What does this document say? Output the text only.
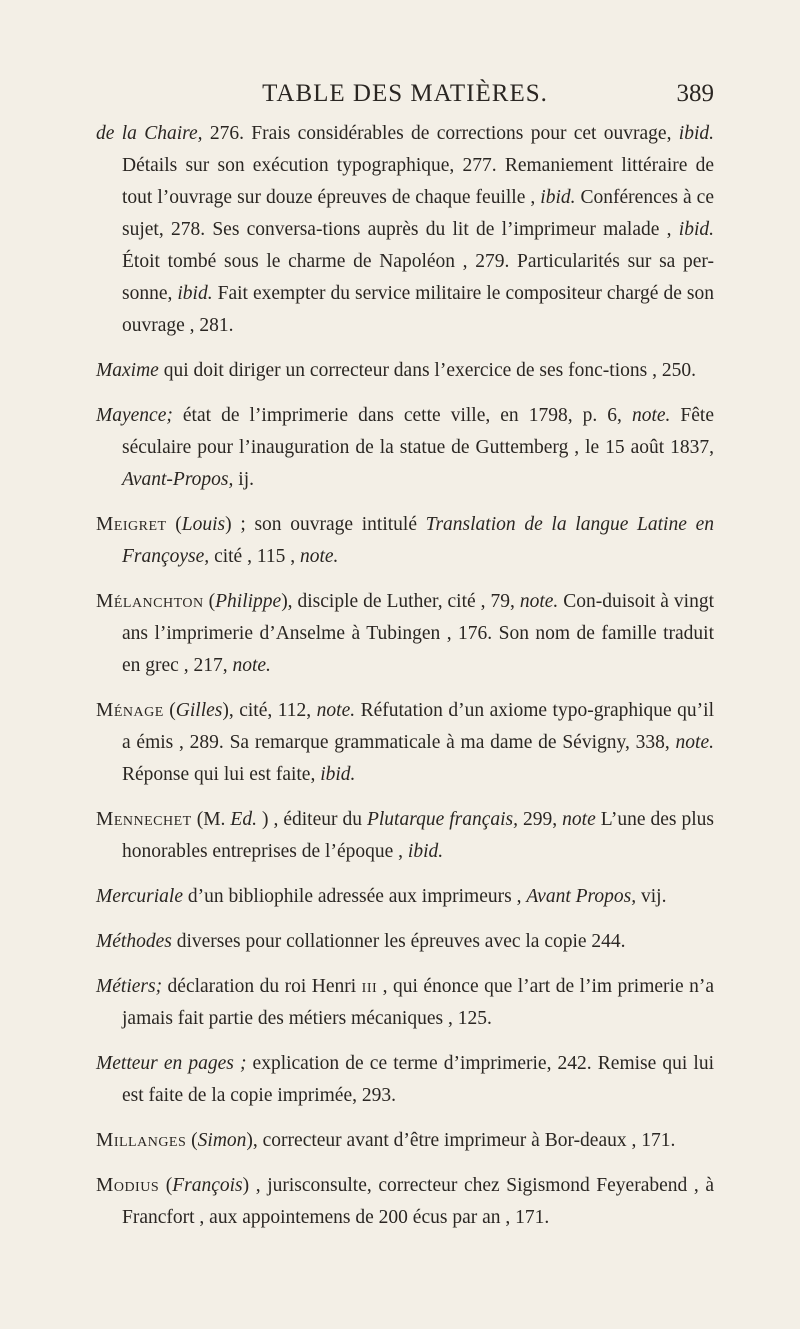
TABLE DES MATIÈRES.	389

de la Chaire, 276. Frais considérables de corrections pour cet ouvrage, ibid. Détails sur son exécution typographique, 277. Remaniement littéraire de tout l’ouvrage sur douze épreuves de chaque feuille , ibid. Conférences à ce sujet, 278. Ses conversa-tions auprès du lit de l’imprimeur malade , ibid. Étoit tombé sous le charme de Napoléon , 279. Particularités sur sa per-sonne, ibid. Fait exempter du service militaire le compositeur chargé de son ouvrage , 281.

Maxime qui doit diriger un correcteur dans l’exercice de ses fonc-tions , 250.

Mayence; état de l’imprimerie dans cette ville, en 1798, p. 6, note. Fête séculaire pour l’inauguration de la statue de Guttemberg , le 15 août 1837, Avant-Propos, ij.

Meigret (Louis) ; son ouvrage intitulé Translation de la langue Latine en Françoyse, cité , 115 , note.

Mélanchton (Philippe), disciple de Luther, cité , 79, note. Con-duisoit à vingt ans l’imprimerie d’Anselme à Tubingen , 176. Son nom de famille traduit en grec , 217, note.

Ménage (Gilles), cité, 112, note. Réfutation d’un axiome typo-graphique qu’il a émis , 289. Sa remarque grammaticale à ma dame de Sévigny, 338, note. Réponse qui lui est faite, ibid.

Mennechet (M. Ed. ) , éditeur du Plutarque français, 299, note L’une des plus honorables entreprises de l’époque , ibid.

Mercuriale d’un bibliophile adressée aux imprimeurs , Avant Propos, vij.

Méthodes diverses pour collationner les épreuves avec la copie 244.

Métiers; déclaration du roi Henri iii , qui énonce que l’art de l’im primerie n’a jamais fait partie des métiers mécaniques , 125.

Metteur en pages ; explication de ce terme d’imprimerie, 242. Remise qui lui est faite de la copie imprimée, 293.

Millanges (Simon), correcteur avant d’être imprimeur à Bor-deaux , 171.

Modius (François) , jurisconsulte, correcteur chez Sigismond Feyerabend , à Francfort , aux appointemens de 200 écus par an , 171.
